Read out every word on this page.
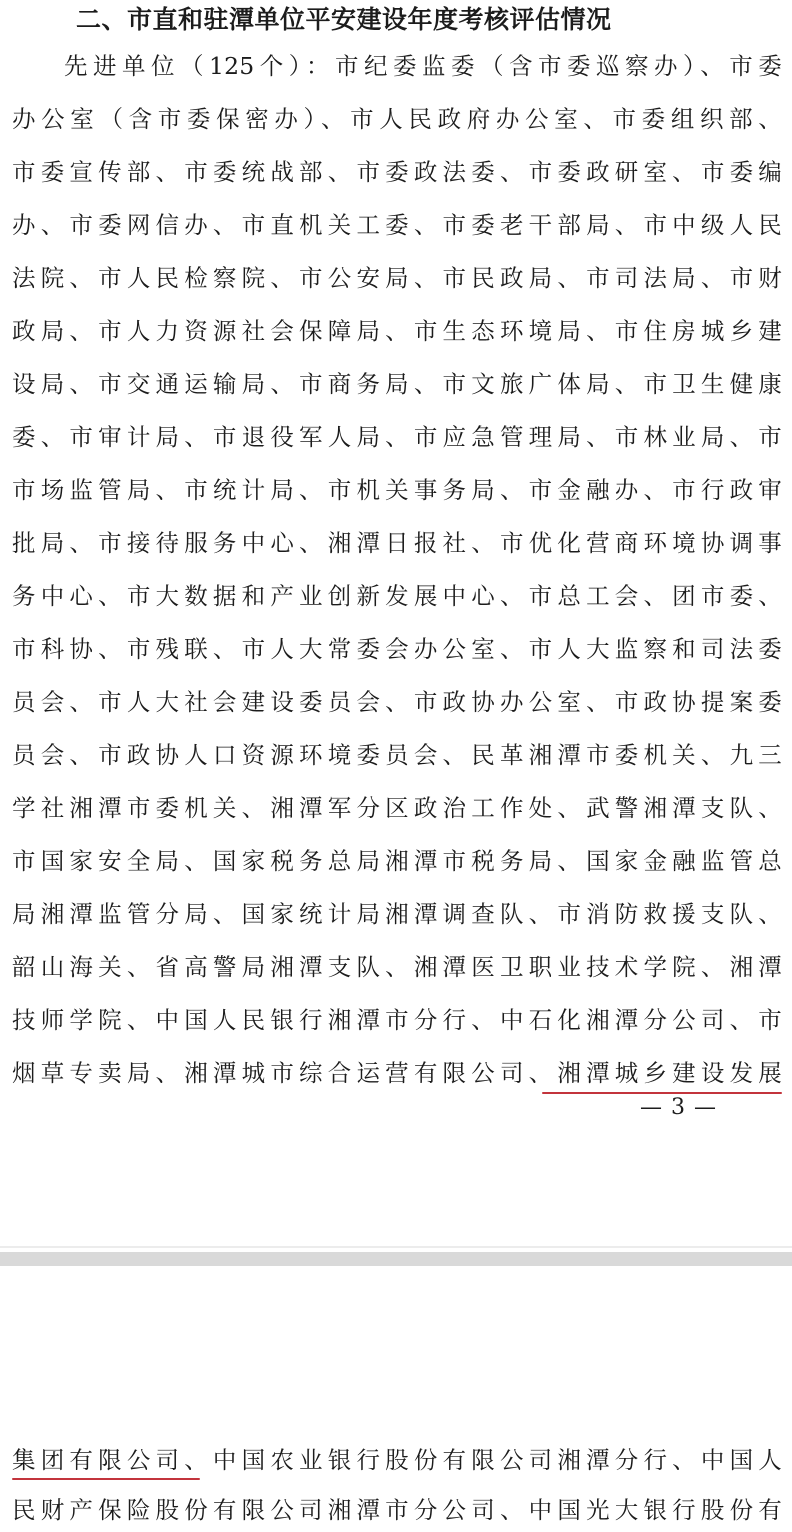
二、市直和驻潭单位平安建设年度考核评估情况
先进单位（125个）：市纪委监委（含市委巡察办）、市委
办公室（含市委保密办）、市人民政府办公室、市委组织部、
市委宣传部、市委统战部、市委政法委、市委政研室、市委编
办、市委网信办、市直机关工委、市委老干部局、市中级人民
法院、市人民检察院、市公安局、市民政局、市司法局、市财
政局、市人力资源社会保障局、市生态环境局、市住房城乡建
设局、市交通运输局、市商务局、市文旅广体局、市卫生健康
委、市审计局、市退役军人局、市应急管理局、市林业局、市
市场监管局、市统计局、市机关事务局、市金融办、市行政审
批局、市接待服务中心、湘潭日报社、市优化营商环境协调事
务中心、市大数据和产业创新发展中心、市总工会、团市委、
市科协、市残联、市人大常委会办公室、市人大监察和司法委
员会、市人大社会建设委员会、市政协办公室、市政协提案委
员会、市政协人口资源环境委员会、民革湘潭市委机关、九三
学社湘潭市委机关、湘潭军分区政治工作处、武警湘潭支队、
市国家安全局、国家税务总局湘潭市税务局、国家金融监管总
局湘潭监管分局、国家统计局湘潭调查队、市消防救援支队、
韶山海关、省高警局湘潭支队、湘潭医卫职业技术学院、湘潭
技师学院、中国人民银行湘潭市分行、中石化湘潭分公司、市
烟草专卖局、湘潭城市综合运营有限公司、湘潭城乡建设发展
— 3 —
集团有限公司、中国农业银行股份有限公司湘潭分行、中国人
民财产保险股份有限公司湘潭市分公司、中国光大银行股份有
